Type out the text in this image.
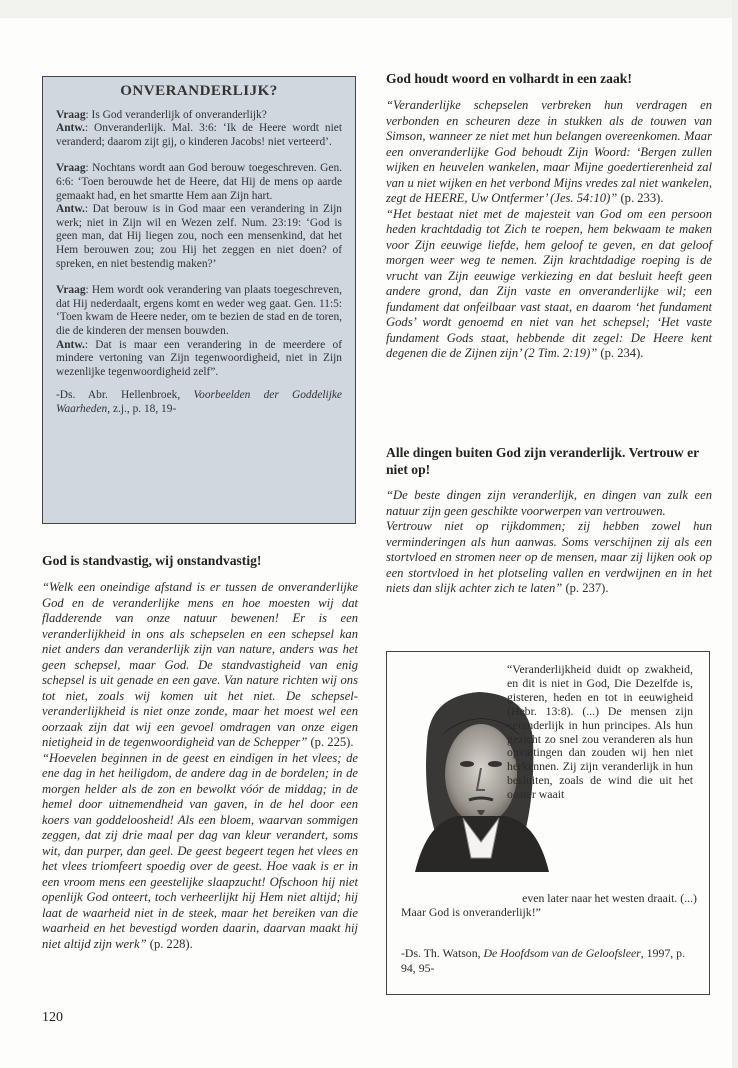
ONVERANDERLIJK?

Vraag: Is God veranderlijk of onveranderlijk?

Antw.: Onveranderlijk. Mal. 3:6: ‘Ik de Heere wordt niet veranderd; daarom zijt gij, o kinderen Jacobs! niet verteerd’.

Vraag: Nochtans wordt aan God berouw toegeschreven. Gen. 6:6: ‘Toen berouwde het de Heere, dat Hij de mens op aarde gemaakt had, en het smartte Hem aan Zijn hart.

Antw.: Dat berouw is in God maar een verandering in Zijn werk; niet in Zijn wil en Wezen zelf. Num. 23:19: ‘God is geen man, dat Hij liegen zou, noch een mensenkind, dat het Hem berouwen zou; zou Hij het zeggen en niet doen? of spreken, en niet bestendig maken?’

Vraag: Hem wordt ook verandering van plaats toegeschreven, dat Hij nederdaalt, ergens komt en weder weg gaat. Gen. 11:5: ‘Toen kwam de Heere neder, om te bezien de stad en de toren, die de kinderen der mensen bouwden.

Antw.: Dat is maar een verandering in de meerdere of mindere vertoning van Zijn tegenwoordigheid, niet in Zijn wezenlijke tegenwoordigheid zelf”.

-Ds. Abr. Hellenbroek, Voorbeelden der Goddelijke Waarheden, z.j., p. 18, 19-

God is standvastig, wij onstandvastig!
“Welk een oneindige afstand is er tussen de onveranderlijke God en de veranderlijke mens en hoe moesten wij dat fladderende van onze natuur bewenen! Er is een veranderlijkheid in ons als schepselen en een schepsel kan niet anders dan veranderlijk zijn van nature, anders was het geen schepsel, maar God. De standvastigheid van enig schepsel is uit genade en een gave. Van nature richten wij ons tot niet, zoals wij komen uit het niet. De schepsel-veranderlijkheid is niet onze zonde, maar het moest wel een oorzaak zijn dat wij een gevoel omdragen van onze eigen nietigheid in de tegenwoordigheid van de Schepper” (p. 225).
“Hoevelen beginnen in de geest en eindigen in het vlees; de ene dag in het heiligdom, de andere dag in de bordelen; in de morgen helder als de zon en bewolkt vóór de middag; in de hemel door uitnemendheid van gaven, in de hel door een koers van goddeloosheid! Als een bloem, waarvan sommigen zeggen, dat zij drie maal per dag van kleur verandert, soms wit, dan purper, dan geel. De geest begeert tegen het vlees en het vlees triomfeert spoedig over de geest. Hoe vaak is er in een vroom mens een geestelijke slaapzucht! Ofschoon hij niet openlijk God onteert, toch verheerlijkt hij Hem niet altijd; hij laat de waarheid niet in de steek, maar het bereiken van die waarheid en het bevestigd worden daarin, daarvan maakt hij niet altijd zijn werk” (p. 228).
God houdt woord en volhardt in een zaak!
“Veranderlijke schepselen verbreken hun verdragen en verbonden en scheuren deze in stukken als de touwen van Simson, wanneer ze niet met hun belangen overeenkomen. Maar een onveranderlijke God behoudt Zijn Woord: ‘Bergen zullen wijken en heuvelen wankelen, maar Mijne goedertierenheid zal van u niet wijken en het verbond Mijns vredes zal niet wankelen, zegt de HEERE, Uw Ontfermer’ (Jes. 54:10)” (p. 233).
“Het bestaat niet met de majesteit van God om een persoon heden krachtdadig tot Zich te roepen, hem bekwaam te maken voor Zijn eeuwige liefde, hem geloof te geven, en dat geloof morgen weer weg te nemen. Zijn krachtdadige roeping is de vrucht van Zijn eeuwige verkiezing en dat besluit heeft geen andere grond, dan Zijn vaste en onveranderlijke wil; een fundament dat onfeilbaar vast staat, en daarom ‘het fundament Gods’ wordt genoemd en niet van het schepsel; ‘Het vaste fundament Gods staat, hebbende dit zegel: De Heere kent degenen die de Zijnen zijn’ (2 Tim. 2:19)” (p. 234).
Alle dingen buiten God zijn veranderlijk. Vertrouw er niet op!
“De beste dingen zijn veranderlijk, en dingen van zulk een natuur zijn geen geschikte voorwerpen van vertrouwen.
Vertrouw niet op rijkdommen; zij hebben zowel hun verminderingen als hun aanwas. Soms verschijnen zij als een stortvloed en stromen neer op de mensen, maar zij lijken ook op een stortvloed in het plotseling vallen en verdwijnen en in het niets dan slijk achter zich te laten” (p. 237).
“Veranderlijkheid duidt op zwakheid, en dit is niet in God, Die Dezelfde is, gisteren, heden en tot in eeuwigheid (Hebr. 13:8). (...) De mensen zijn veranderlijk in hun principes. Als hun gezicht zo snel zou veranderen als hun opvattingen dan zouden wij hen niet herkennen. Zij zijn veranderlijk in hun besluiten, zoals de wind die uit het ooster waait
even later naar het westen draait. (...)
Maar God is onveranderlijk!”
-Ds. Th. Watson, De Hoofdsom van de Geloofsleer, 1997, p. 94, 95-
120
